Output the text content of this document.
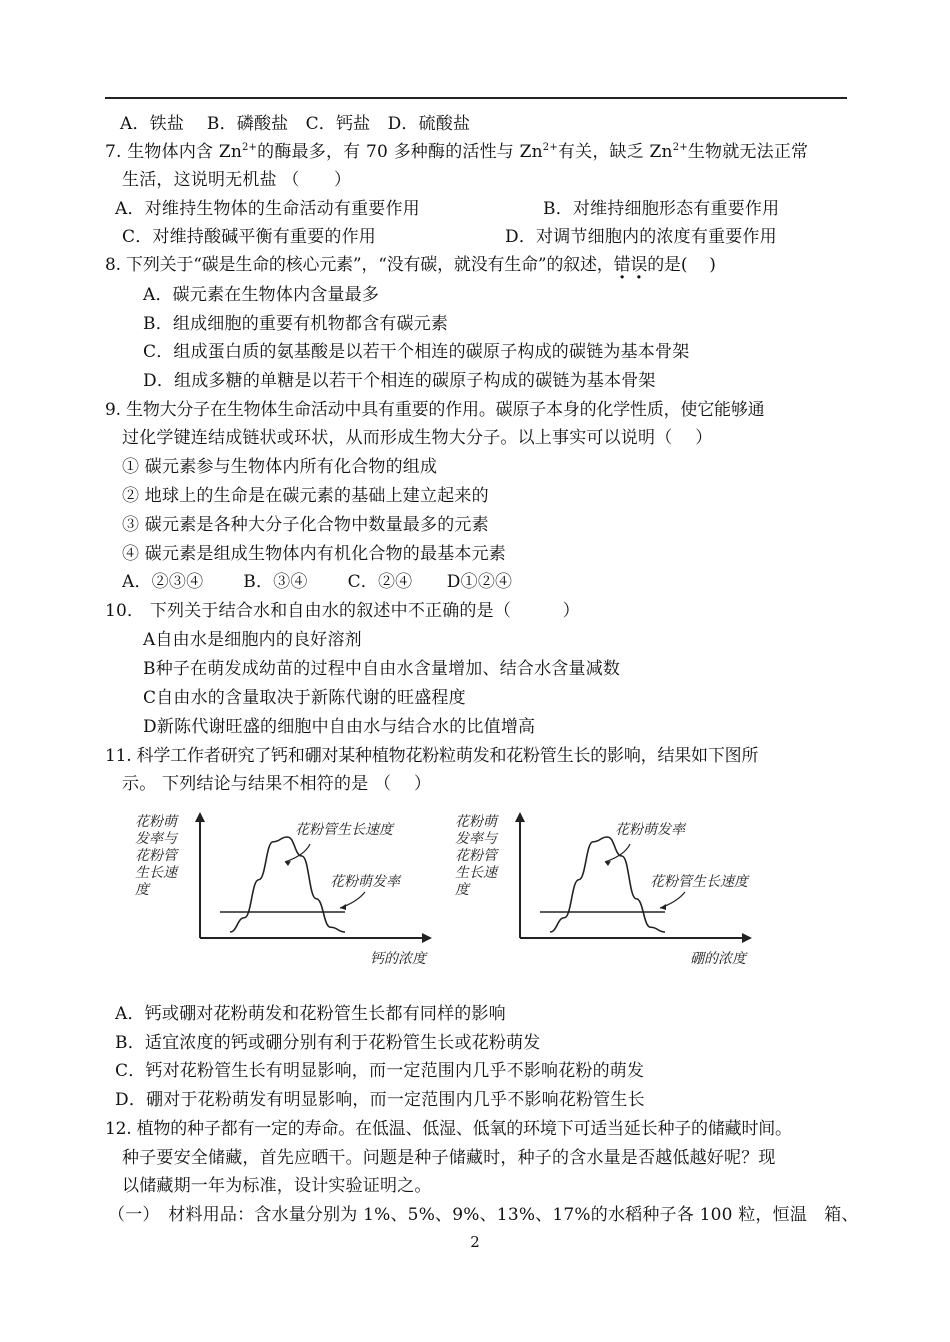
A．铁盐　 B．磷酸盐　C．钙盐　D．硫酸盐
7. 生物体内含 $Zn^{2+}$的酶最多，有 70 多种酶的活性与 $Zn^{2+}$有关，缺乏 $Zn^{2+}$生物就无法正常
生活，这说明无机盐 （　　）
A．对维持生物体的生命活动有重要作用	B．对维持细胞形态有重要作用
C．对维持酸碱平衡有重要的作用	D．对调节细胞内的浓度有重要作用
8. 下列关于“碳是生命的核心元素”，“没有碳，就没有生命”的叙述，错误的是(　 )
A．碳元素在生物体内含量最多
B．组成细胞的重要有机物都含有碳元素
C．组成蛋白质的氨基酸是以若干个相连的碳原子构成的碳链为基本骨架
D．组成多糖的单糖是以若干个相连的碳原子构成的碳链为基本骨架
9. 生物大分子在生物体生命活动中具有重要的作用。碳原子本身的化学性质，使它能够通
过化学键连结成链状或环状，从而形成生物大分子。以上事实可以说明（　 ）
① 碳元素参与生物体内所有化合物的组成
② 地球上的生命是在碳元素的基础上建立起来的
③ 碳元素是各种大分子化合物中数量最多的元素
④ 碳元素是组成生物体内有机化合物的最基本元素
A．②③④　　 B．③④　　 C．②④　　D①②④
10． 下列关于结合水和自由水的叙述中不正确的是（　　　）
A自由水是细胞内的良好溶剂
B种子在萌发成幼苗的过程中自由水含量增加、结合水含量减数
C自由水的含量取决于新陈代谢的旺盛程度
D新陈代谢旺盛的细胞中自由水与结合水的比值增高
11. 科学工作者研究了钙和硼对某种植物花粉粒萌发和花粉管生长的影响，结果如下图所
示。 下列结论与结果不相符的是 （　 ）
花粉萌
发率与
花粉管
生长速
度
钙的浓度
花粉管生长速度
花粉萌发率
花粉萌
发率与
花粉管
生长速
度
硼的浓度
花粉萌发率
花粉管生长速度
A．钙或硼对花粉萌发和花粉管生长都有同样的影响
B．适宜浓度的钙或硼分别有利于花粉管生长或花粉萌发
C．钙对花粉管生长有明显影响，而一定范围内几乎不影响花粉的萌发
D．硼对于花粉萌发有明显影响，而一定范围内几乎不影响花粉管生长
12. 植物的种子都有一定的寿命。在低温、低湿、低氧的环境下可适当延长种子的储藏时间。
种子要安全储藏，首先应晒干。问题是种子储藏时，种子的含水量是否越低越好呢？现
以储藏期一年为标准，设计实验证明之。
（一）　材料用品：含水量分别为 1%、5%、9%、13%、17%的水稻种子各 100 粒，恒温　箱、
2
